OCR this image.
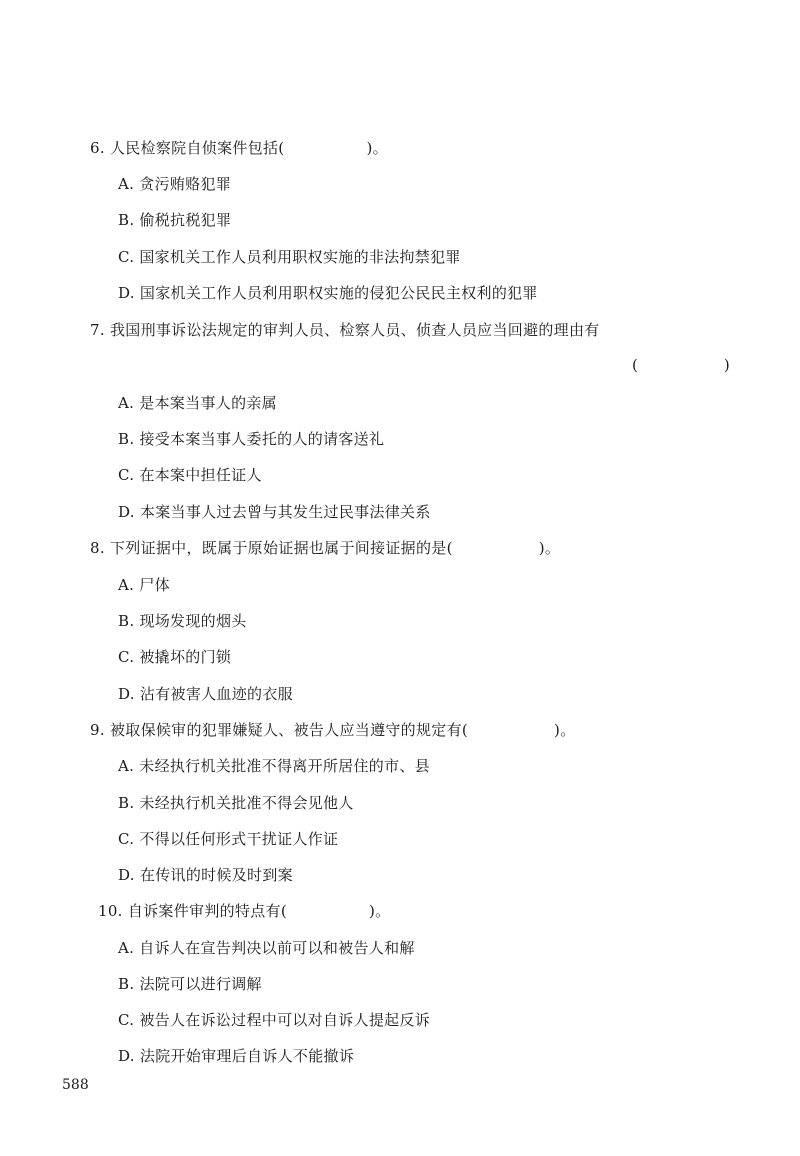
6. 人民检察院自侦案件包括(	)。
A. 贪污贿赂犯罪
B. 偷税抗税犯罪
C. 国家机关工作人员利用职权实施的非法拘禁犯罪
D. 国家机关工作人员利用职权实施的侵犯公民民主权利的犯罪
7. 我国刑事诉讼法规定的审判人员、检察人员、侦查人员应当回避的理由有
(	)
A. 是本案当事人的亲属
B. 接受本案当事人委托的人的请客送礼
C. 在本案中担任证人
D. 本案当事人过去曾与其发生过民事法律关系
8. 下列证据中，既属于原始证据也属于间接证据的是(	)。
A. 尸体
B. 现场发现的烟头
C. 被撬坏的门锁
D. 沾有被害人血迹的衣服
9. 被取保候审的犯罪嫌疑人、被告人应当遵守的规定有(	)。
A. 未经执行机关批准不得离开所居住的市、县
B. 未经执行机关批准不得会见他人
C. 不得以任何形式干扰证人作证
D. 在传讯的时候及时到案
10. 自诉案件审判的特点有(	)。
A. 自诉人在宣告判决以前可以和被告人和解
B. 法院可以进行调解
C. 被告人在诉讼过程中可以对自诉人提起反诉
D. 法院开始审理后自诉人不能撤诉
588
